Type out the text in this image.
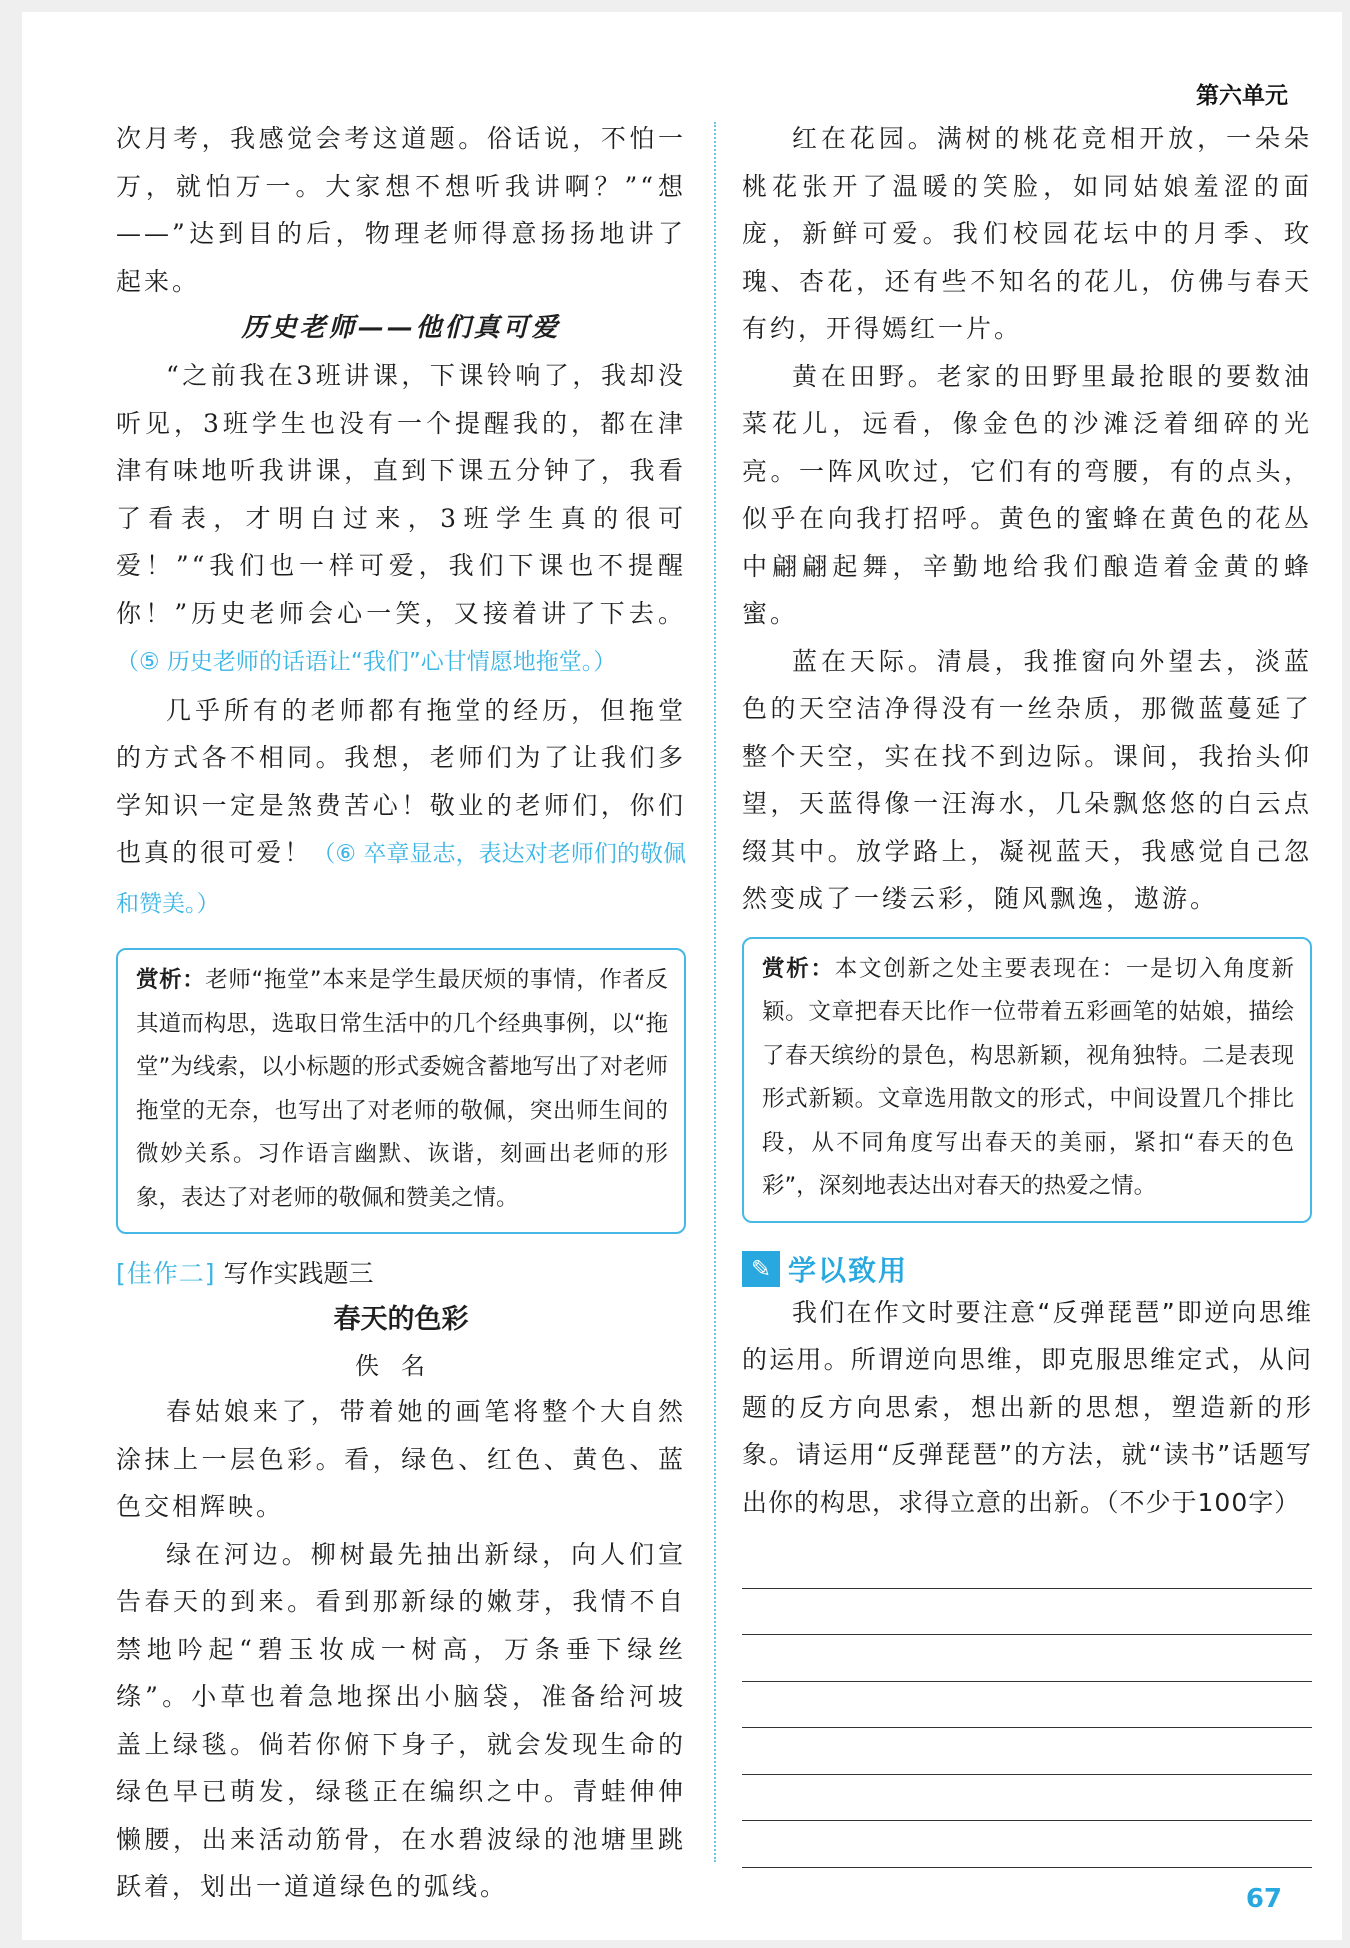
第六单元

次月考，我感觉会考这道题。俗话说，不怕一万，就怕万一。大家想不想听我讲啊？”“想——”达到目的后，物理老师得意扬扬地讲了起来。

历史老师——他们真可爱

“之前我在3班讲课，下课铃响了，我却没听见，3班学生也没有一个提醒我的，都在津津有味地听我讲课，直到下课五分钟了，我看了看表，才明白过来，3班学生真的很可爱！”“我们也一样可爱，我们下课也不提醒你！”历史老师会心一笑，又接着讲了下去。（⑤ 历史老师的话语让“我们”心甘情愿地拖堂。）

几乎所有的老师都有拖堂的经历，但拖堂的方式各不相同。我想，老师们为了让我们多学知识一定是煞费苦心！敬业的老师们，你们也真的很可爱！（⑥ 卒章显志，表达对老师们的敬佩和赞美。）

赏析：老师“拖堂”本来是学生最厌烦的事情，作者反其道而构思，选取日常生活中的几个经典事例，以“拖堂”为线索，以小标题的形式委婉含蓄地写出了对老师拖堂的无奈，也写出了对老师的敬佩，突出师生间的微妙关系。习作语言幽默、诙谐，刻画出老师的形象，表达了对老师的敬佩和赞美之情。
[佳作二] 写作实践题三
春天的色彩
佚名

春姑娘来了，带着她的画笔将整个大自然涂抹上一层色彩。看，绿色、红色、黄色、蓝色交相辉映。

绿在河边。柳树最先抽出新绿，向人们宣告春天的到来。看到那新绿的嫩芽，我情不自禁地吟起“碧玉妆成一树高，万条垂下绿丝绦”。小草也着急地探出小脑袋，准备给河坡盖上绿毯。倘若你俯下身子，就会发现生命的绿色早已萌发，绿毯正在编织之中。青蛙伸伸懒腰，出来活动筋骨，在水碧波绿的池塘里跳跃着，划出一道道绿色的弧线。

红在花园。满树的桃花竞相开放，一朵朵桃花张开了温暖的笑脸，如同姑娘羞涩的面庞，新鲜可爱。我们校园花坛中的月季、玫瑰、杏花，还有些不知名的花儿，仿佛与春天有约，开得嫣红一片。

黄在田野。老家的田野里最抢眼的要数油菜花儿，远看，像金色的沙滩泛着细碎的光亮。一阵风吹过，它们有的弯腰，有的点头，似乎在向我打招呼。黄色的蜜蜂在黄色的花丛中翩翩起舞，辛勤地给我们酿造着金黄的蜂蜜。

蓝在天际。清晨，我推窗向外望去，淡蓝色的天空洁净得没有一丝杂质，那微蓝蔓延了整个天空，实在找不到边际。课间，我抬头仰望，天蓝得像一汪海水，几朵飘悠悠的白云点缀其中。放学路上，凝视蓝天，我感觉自己忽然变成了一缕云彩，随风飘逸，遨游。

赏析：本文创新之处主要表现在：一是切入角度新颖。文章把春天比作一位带着五彩画笔的姑娘，描绘了春天缤纷的景色，构思新颖，视角独特。二是表现形式新颖。文章选用散文的形式，中间设置几个排比段，从不同角度写出春天的美丽，紧扣“春天的色彩”，深刻地表达出对春天的热爱之情。
✎ 学以致用

我们在作文时要注意“反弹琵琶”即逆向思维的运用。所谓逆向思维，即克服思维定式，从问题的反方向思索，想出新的思想，塑造新的形象。请运用“反弹琵琶”的方法，就“读书”话题写出你的构思，求得立意的出新。（不少于100字）

67
